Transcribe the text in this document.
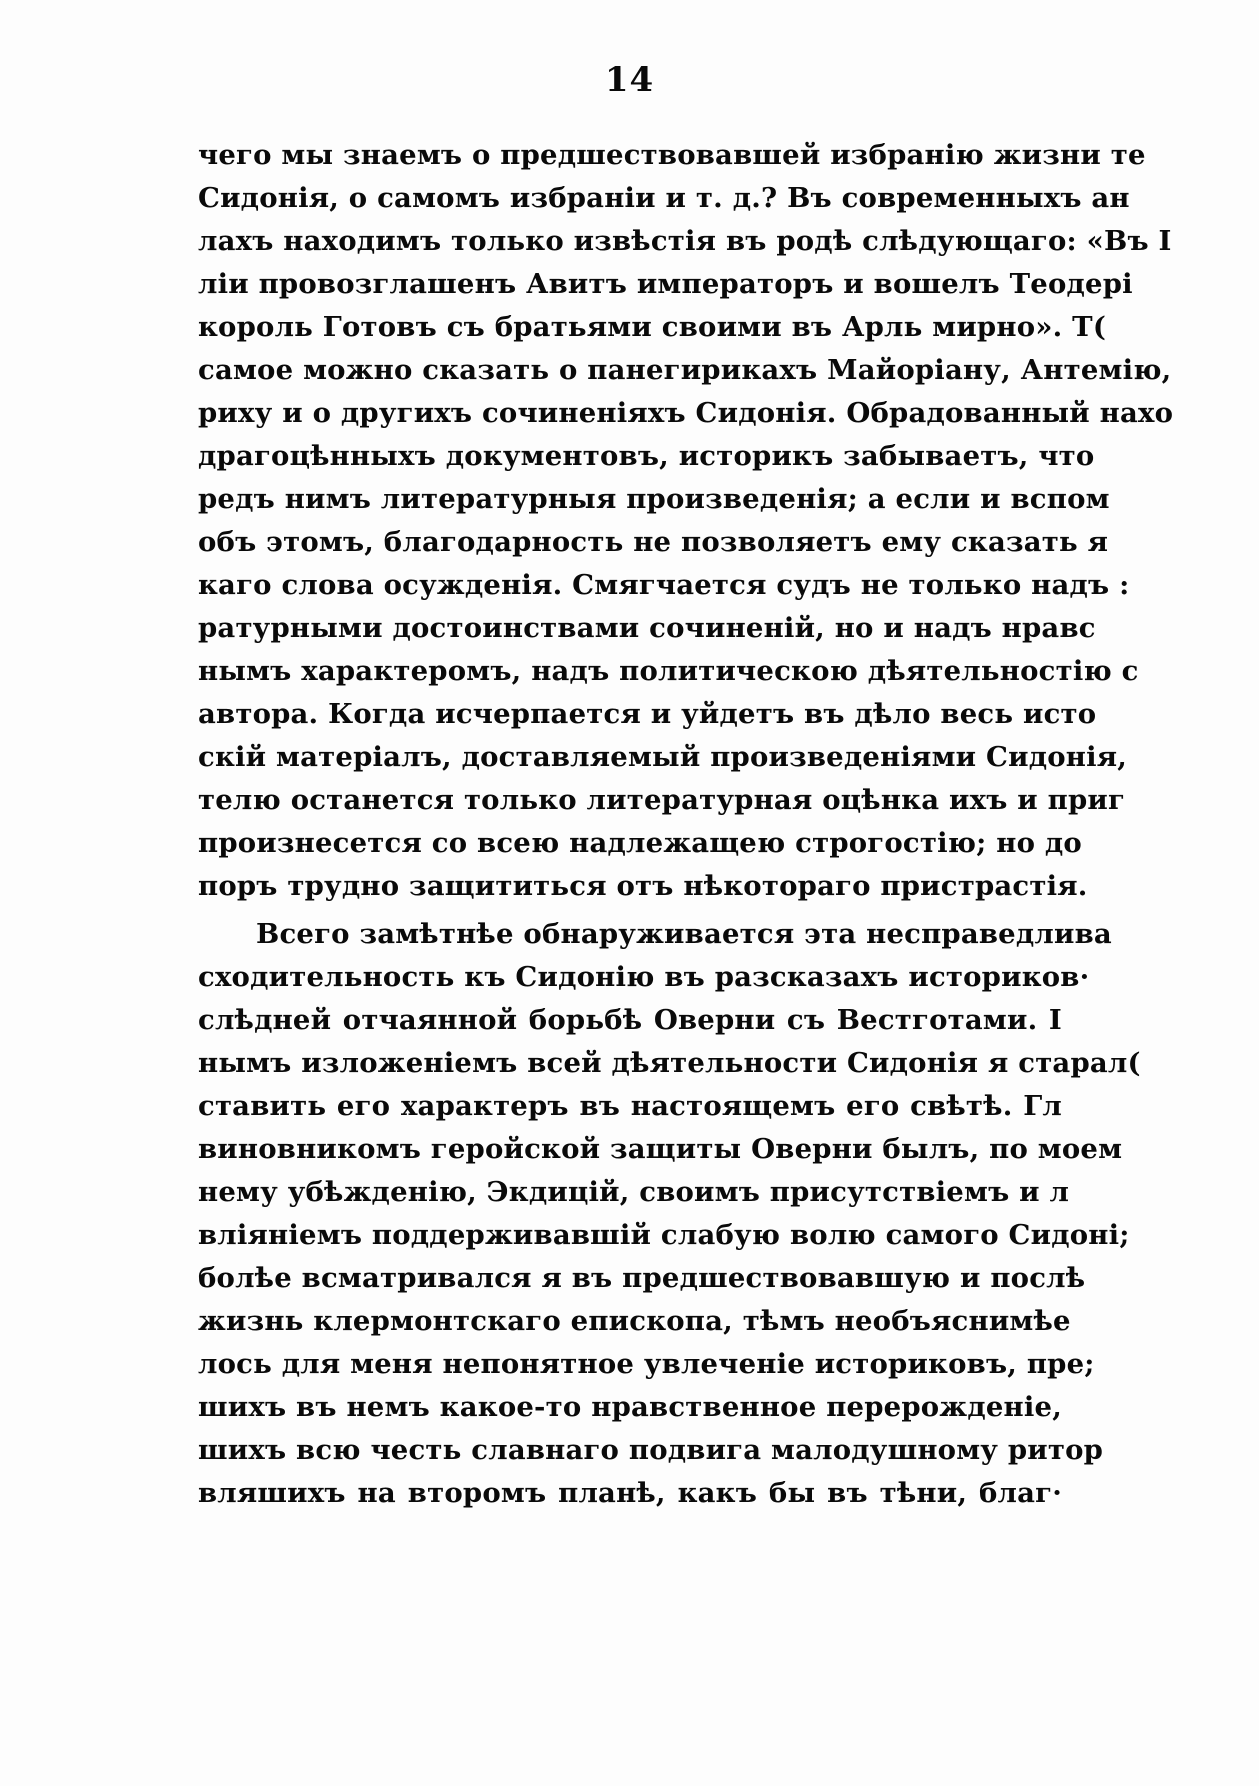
14
чего мы знаемъ о предшествовавшей избранію жизни те
Сидонія, о самомъ избраніи и т. д.? Въ современныхъ ан
лахъ находимъ только извѣстія въ родѣ слѣдующаго: «Въ I
ліи провозглашенъ Авитъ императоръ и вошелъ Теодері
король Готовъ съ братьями своими въ Арль мирно». Т(
самое можно сказать о панегирикахъ Майоріану, Антемію,
риху и о другихъ сочиненіяхъ Сидонія. Обрадованный нахо
драгоцѣнныхъ документовъ, историкъ забываетъ, что
редъ нимъ литературныя произведенія; а если и вспом
объ этомъ, благодарность не позволяетъ ему сказать я
каго слова осужденія. Смягчается судъ не только надъ :
ратурными достоинствами сочиненій, но и надъ нравс
нымъ характеромъ, надъ политическою дѣятельностію с
автора. Когда исчерпается и уйдетъ въ дѣло весь исто
скій матеріалъ, доставляемый произведеніями Сидонія,
телю останется только литературная оцѣнка ихъ и приг
произнесется со всею надлежащею строгостію; но до
поръ трудно защититься отъ нѣкотораго пристрастія.
Всего замѣтнѣе обнаруживается эта несправедлива
сходительность къ Сидонію въ разсказахъ историков·
слѣдней отчаянной борьбѣ Оверни съ Вестготами. І
нымъ изложеніемъ всей дѣятельности Сидонія я старал(
ставить его характеръ въ настоящемъ его свѣтѣ. Гл
виновникомъ геройской защиты Оверни былъ, по моем
нему убѣжденію, Экдицій, своимъ присутствіемъ и л
вліяніемъ поддерживавшій слабую волю самого Сидоні;
болѣе всматривался я въ предшествовавшую и послѣ
жизнь клермонтскаго епископа, тѣмъ необъяснимѣе
лось для меня непонятное увлеченіе историковъ, пре;
шихъ въ немъ какое-то нравственное перерожденіе,
шихъ всю честь славнаго подвига малодушному ритор
вляшихъ на второмъ планѣ, какъ бы въ тѣни, благ·
